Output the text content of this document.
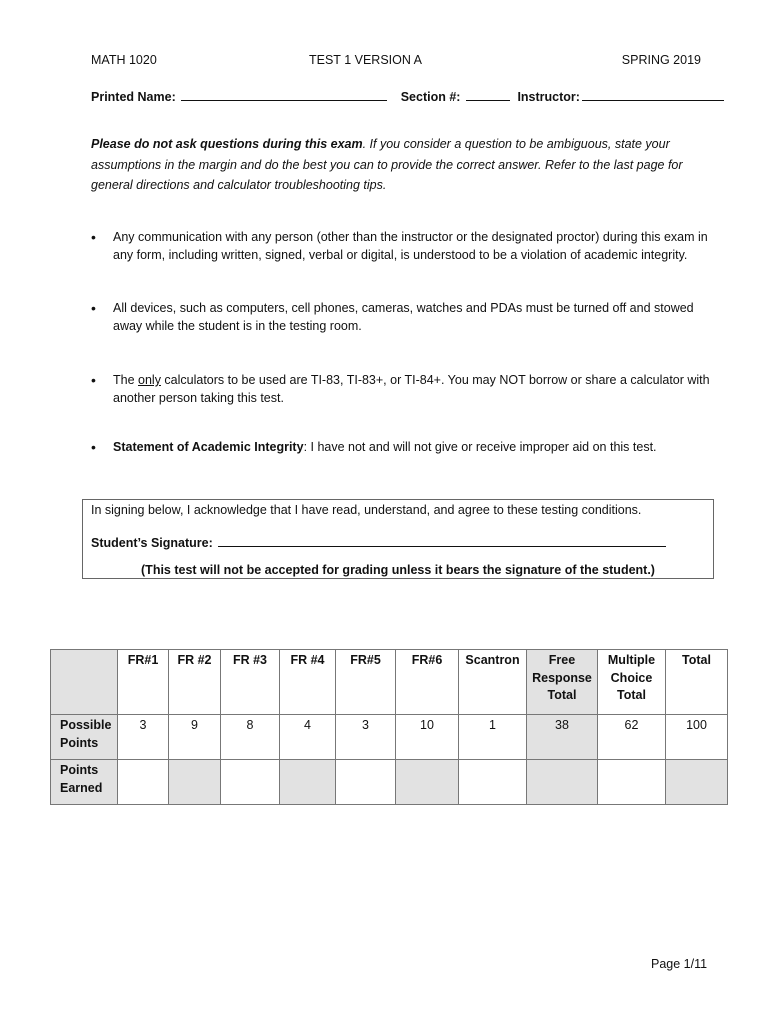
MATH 1020	TEST 1 VERSION A	SPRING 2019
Printed Name:	Section #:	Instructor:
Please do not ask questions during this exam. If you consider a question to be ambiguous, state your assumptions in the margin and do the best you can to provide the correct answer. Refer to the last page for general directions and calculator troubleshooting tips.
• Any communication with any person (other than the instructor or the designated proctor) during this exam in any form, including written, signed, verbal or digital, is understood to be a violation of academic integrity.
• All devices, such as computers, cell phones, cameras, watches and PDAs must be turned off and stowed away while the student is in the testing room.
• The only calculators to be used are TI-83, TI-83+, or TI-84+. You may NOT borrow or share a calculator with another person taking this test.
• Statement of Academic Integrity: I have not and will not give or receive improper aid on this test.
In signing below, I acknowledge that I have read, understand, and agree to these testing conditions.
Student’s Signature:
(This test will not be accepted for grading unless it bears the signature of the student.)
	FR#1	FR #2	FR #3	FR #4	FR#5	FR#6	Scantron	Free Response Total	Multiple Choice Total	Total
Possible Points	3	9	8	4	3	10	1	38	62	100
Points Earned										
Page 1/11
